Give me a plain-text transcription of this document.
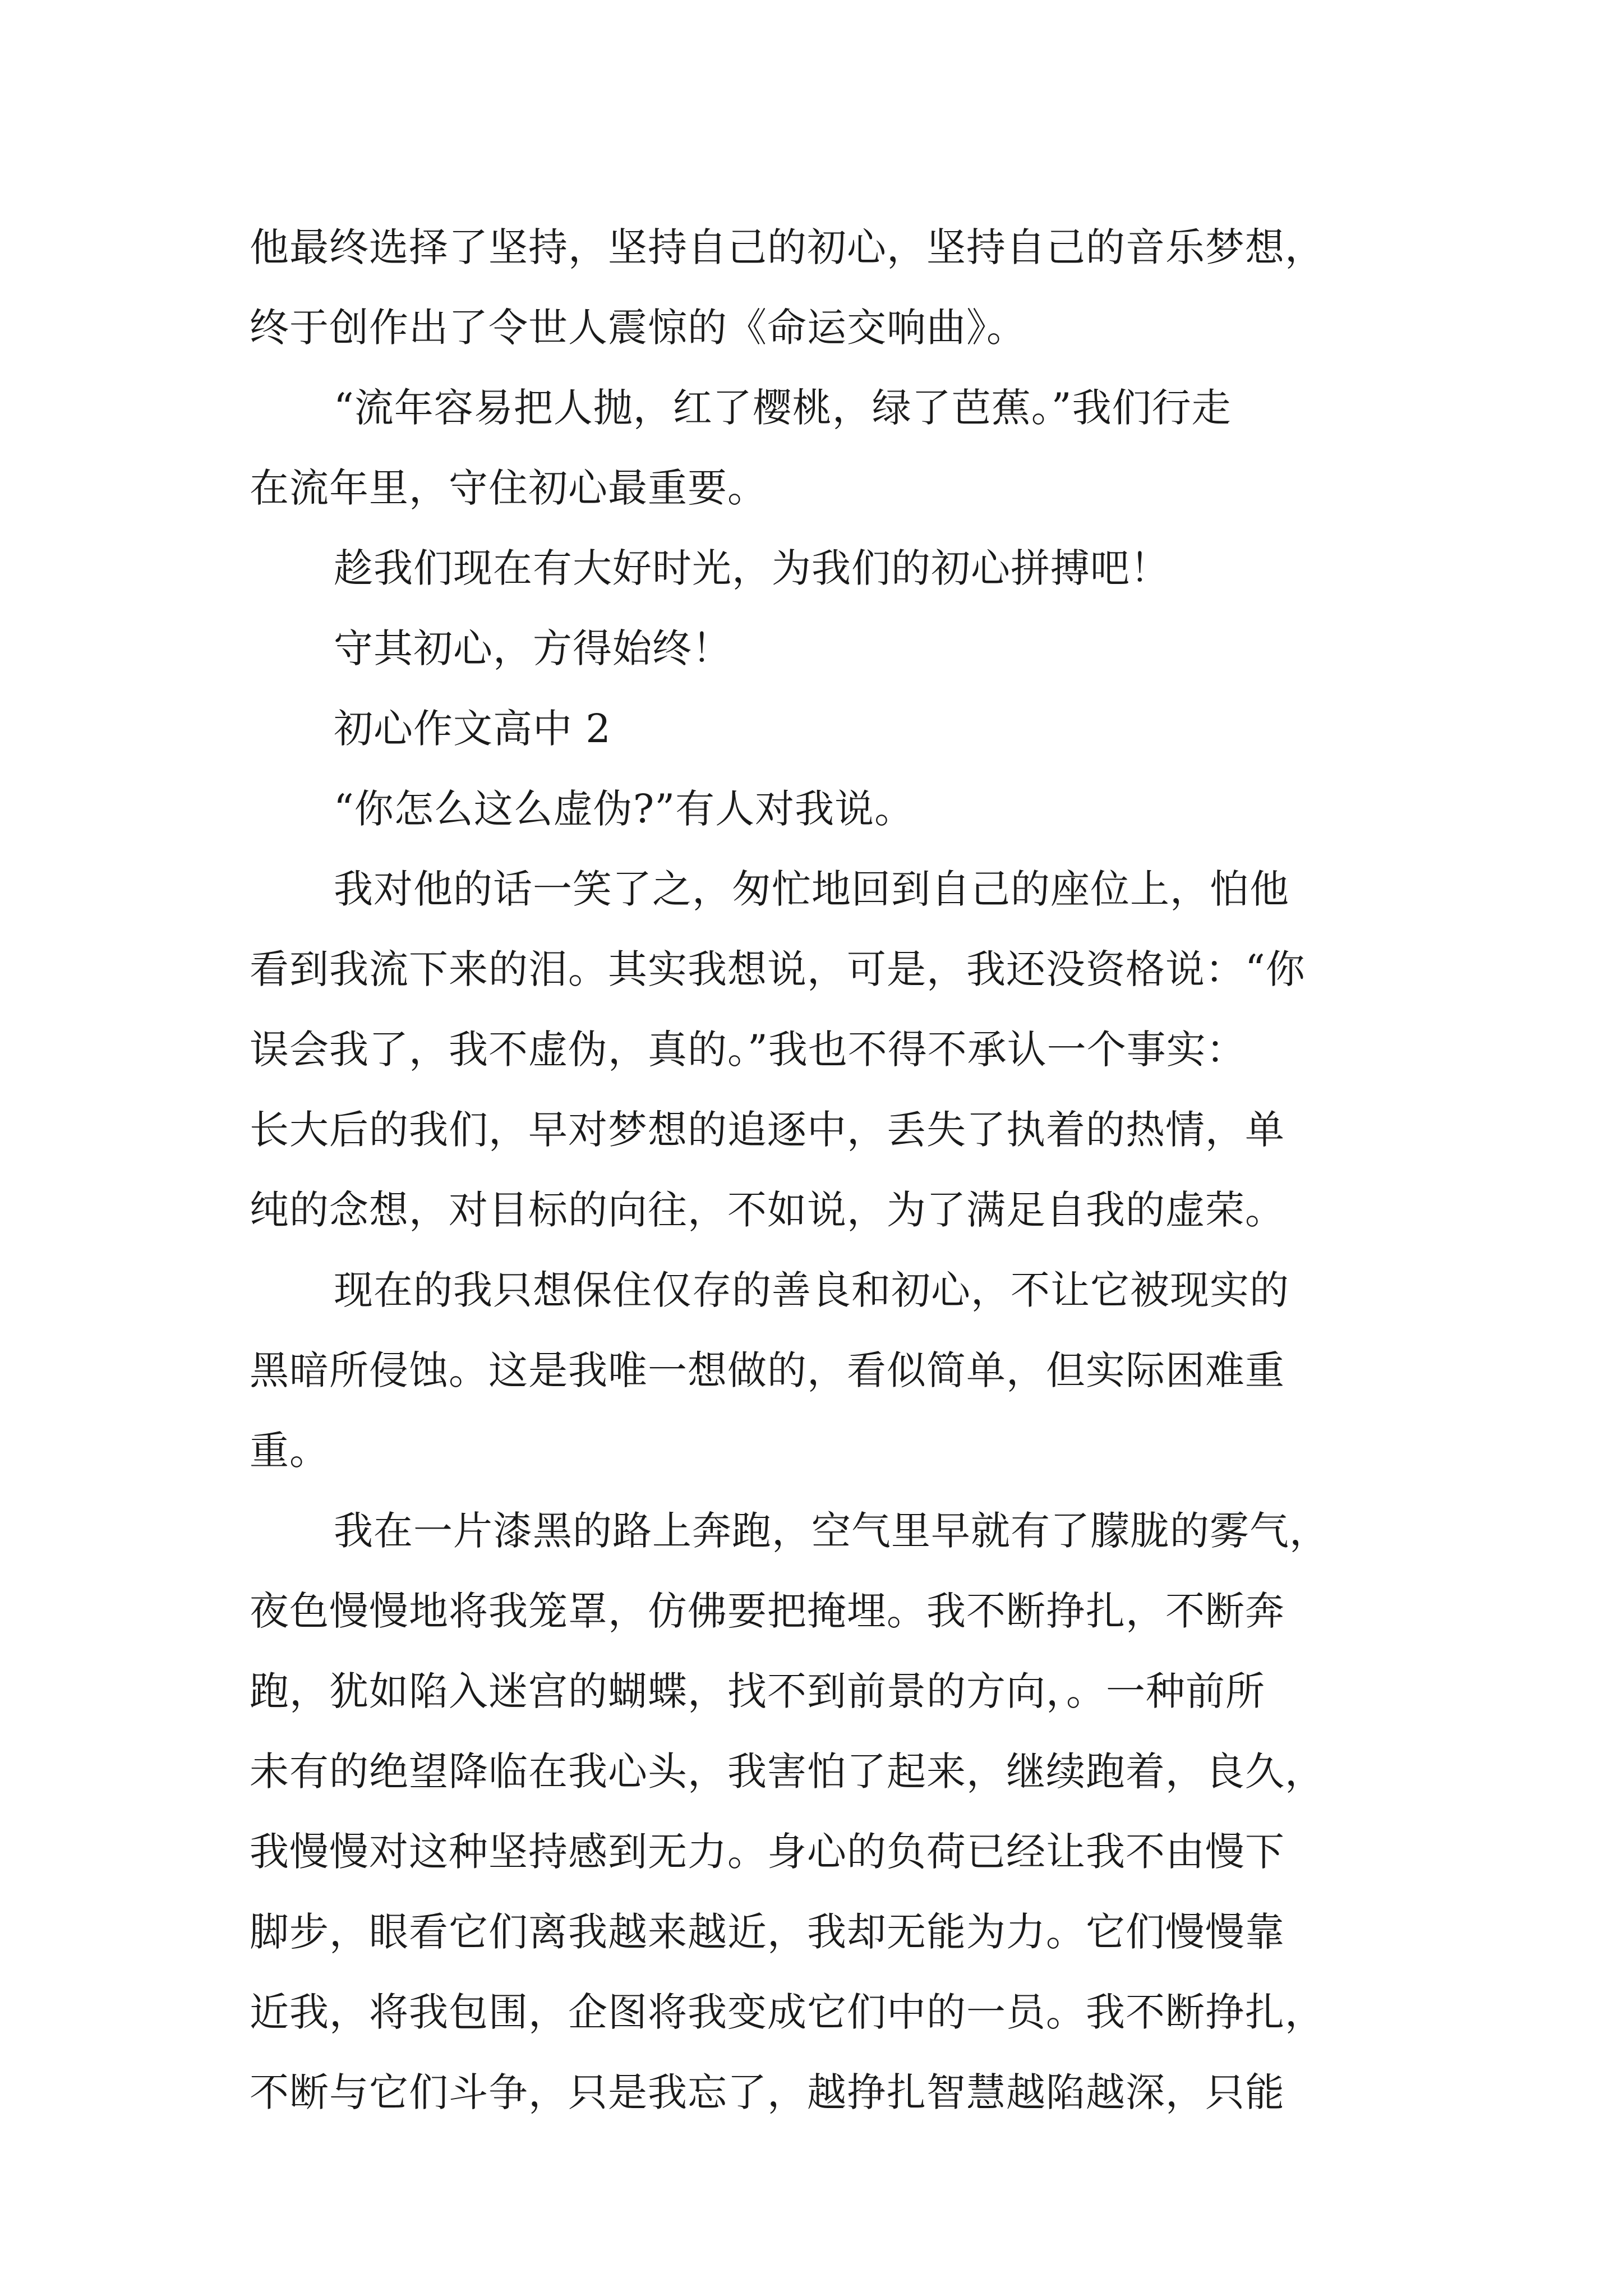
他最终选择了坚持，坚持自己的初心，坚持自己的音乐梦想，
终于创作出了令世人震惊的《命运交响曲》。

“流年容易把人抛，红了樱桃，绿了芭蕉。”我们行走
在流年里，守住初心最重要。

趁我们现在有大好时光，为我们的初心拼搏吧！

守其初心，方得始终！

初心作文高中 2

“你怎么这么虚伪?”有人对我说。

我对他的话一笑了之，匆忙地回到自己的座位上，怕他
看到我流下来的泪。其实我想说，可是，我还没资格说：“你
误会我了，我不虚伪，真的。”我也不得不承认一个事实：
长大后的我们，早对梦想的追逐中，丢失了执着的热情，单
纯的念想，对目标的向往，不如说，为了满足自我的虚荣。

现在的我只想保住仅存的善良和初心，不让它被现实的
黑暗所侵蚀。这是我唯一想做的，看似简单，但实际困难重
重。

我在一片漆黑的路上奔跑，空气里早就有了朦胧的雾气，
夜色慢慢地将我笼罩，仿佛要把掩埋。我不断挣扎，不断奔
跑，犹如陷入迷宫的蝴蝶，找不到前景的方向，。一种前所
未有的绝望降临在我心头，我害怕了起来，继续跑着，良久，
我慢慢对这种坚持感到无力。身心的负荷已经让我不由慢下
脚步，眼看它们离我越来越近，我却无能为力。它们慢慢靠
近我，将我包围，企图将我变成它们中的一员。我不断挣扎，
不断与它们斗争，只是我忘了，越挣扎智慧越陷越深，只能
